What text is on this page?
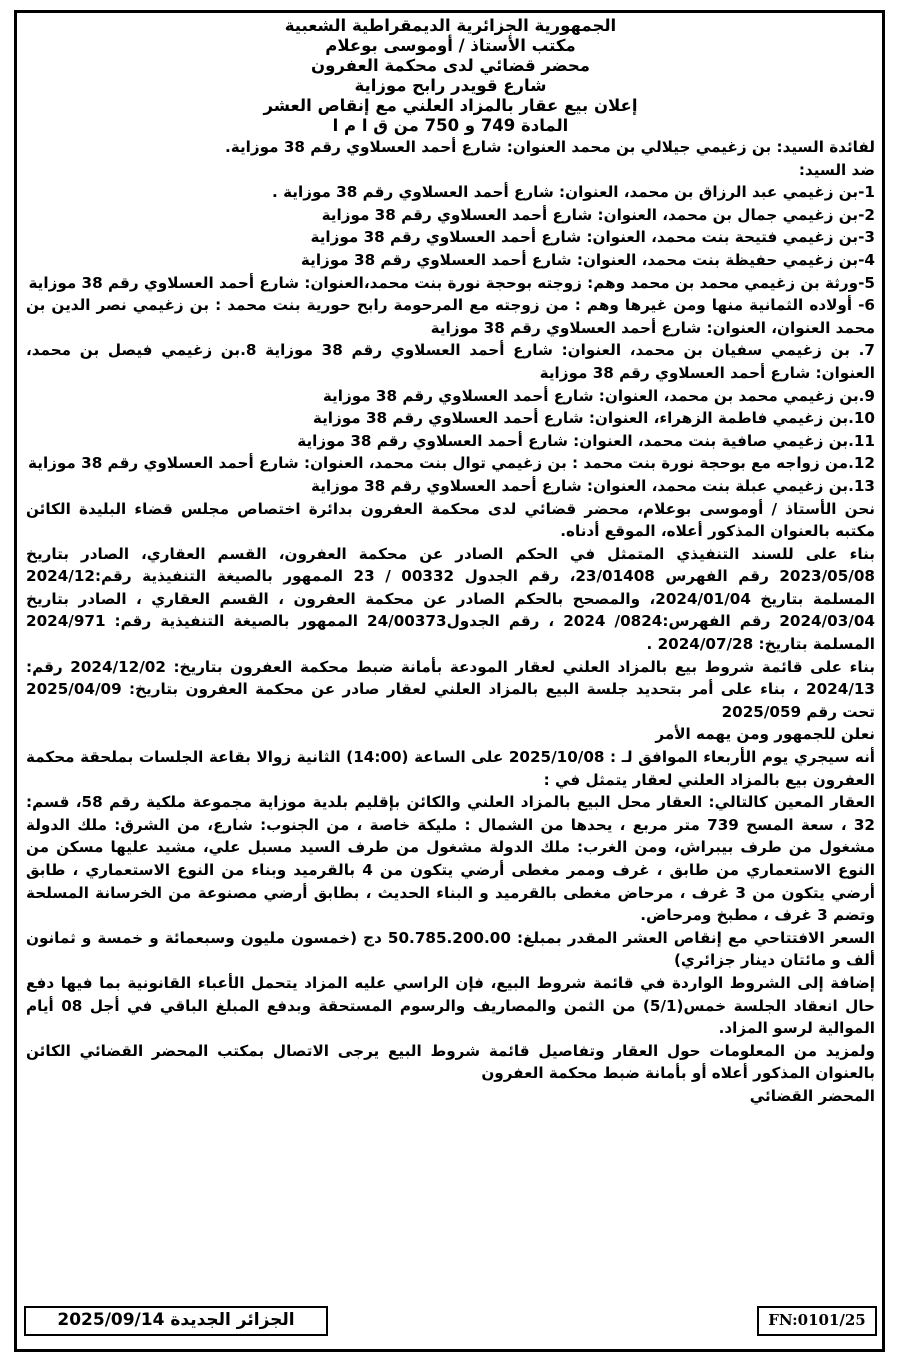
الجمهورية الجزائرية الديمقراطية الشعبية
مكتب الأستاذ / أوموسى بوعلام
محضر قضائي لدى محكمة العفرون
شارع قويدر رابح موزاية
إعلان بيع عقار بالمزاد العلني مع إنقاص العشر
المادة 749 و 750 من ق ا م ا

لفائدة السيد: بن زغيمي جيلالي بن محمد العنوان: شارع أحمد العسلاوي رقم 38 موزاية.

ضد السيد:

1-بن زغيمي عبد الرزاق بن محمد، العنوان: شارع أحمد العسلاوي رقم 38 موزاية .

2-بن زغيمي جمال بن محمد، العنوان: شارع أحمد العسلاوي رقم 38 موزاية

3-بن زغيمي فتيحة بنت محمد، العنوان: شارع أحمد العسلاوي رقم 38 موزاية

4-بن زغيمي حفيظة بنت محمد، العنوان: شارع أحمد العسلاوي رقم 38 موزاية

5-ورثة بن زغيمي محمد بن محمد وهم: زوجته بوحجة نورة بنت محمد،العنوان: شارع أحمد العسلاوي رقم 38 موزاية

6- أولاده الثمانية منها ومن غيرها وهم : من زوجته مع المرحومة رابح حورية بنت محمد : بن زغيمي نصر الدين بن محمد العنوان، العنوان: شارع أحمد العسلاوي رقم 38 موزاية

7. بن زغيمي سفيان بن محمد، العنوان: شارع أحمد العسلاوي رقم 38 موزاية 8.بن زغيمي فيصل بن محمد، العنوان: شارع أحمد العسلاوي رقم 38 موزاية

9.بن زغيمي محمد بن محمد، العنوان: شارع أحمد العسلاوي رقم 38 موزاية

10.بن زغيمي فاطمة الزهراء، العنوان: شارع أحمد العسلاوي رقم 38 موزاية

11.بن زغيمي صافية بنت محمد، العنوان: شارع أحمد العسلاوي رقم 38 موزاية

12.من زواجه مع بوحجة نورة بنت محمد : بن زغيمي توال بنت محمد، العنوان: شارع أحمد العسلاوي رقم 38 موزاية

13.بن زغيمي عبلة بنت محمد، العنوان: شارع أحمد العسلاوي رقم 38 موزاية

نحن الأستاذ / أوموسى بوعلام، محضر قضائي لدى محكمة العفرون بدائرة اختصاص مجلس قضاء البليدة الكائن مكتبه بالعنوان المذكور أعلاه، الموقع أدناه.

بناء على للسند التنفيذي المتمثل في الحكم الصادر عن محكمة العفرون، القسم العقاري، الصادر بتاريخ 2023/05/08 رقم الفهرس 23/01408، رقم الجدول 00332 / 23 الممهور بالصيغة التنفيذية رقم:2024/12 المسلمة بتاريخ 2024/01/04، والمصحح بالحكم الصادر عن محكمة العفرون ، القسم العقاري ، الصادر بتاريخ 2024/03/04 رقم الفهرس:0824/ 2024 ، رقم الجدول24/00373 الممهور بالصيغة التنفيذية رقم: 2024/971 المسلمة بتاريخ: 2024/07/28 .

بناء على قائمة شروط بيع بالمزاد العلني لعقار المودعة بأمانة ضبط محكمة العفرون بتاريخ: 2024/12/02 رقم: 2024/13 ، بناء على أمر بتحديد جلسة البيع بالمزاد العلني لعقار صادر عن محكمة العفرون بتاريخ: 2025/04/09 تحت رقم 2025/059

نعلن للجمهور ومن يهمه الأمر

أنه سيجري يوم الأربعاء الموافق لـ : 2025/10/08 على الساعة (14:00) الثانية زوالا بقاعة الجلسات بملحقة محكمة العفرون بيع بالمزاد العلني لعقار يتمثل في :

العقار المعين كالتالي: العقار محل البيع بالمزاد العلني والكائن بإقليم بلدية موزاية مجموعة ملكية رقم 58، قسم: 32 ، سعة المسح 739 متر مربع ، يحدها من الشمال : مليكة خاصة ، من الجنوب: شارع، من الشرق: ملك الدولة مشغول من طرف بيبراش، ومن الغرب: ملك الدولة مشغول من طرف السيد مسبل علي، مشيد عليها مسكن من النوع الاستعماري من طابق ، غرف وممر مغطى أرضي يتكون من 4 بالقرميد وبناء من النوع الاستعماري ، طابق أرضي يتكون من 3 غرف ، مرحاض مغطى بالقرميد و البناء الحديث ، بطابق أرضي مصنوعة من الخرسانة المسلحة وتضم 3 غرف ، مطبخ ومرحاض.

السعر الافتتاحي مع إنقاص العشر المقدر بمبلغ: 50.785.200.00 دج (خمسون مليون وسبعمائة و خمسة و ثمانون ألف و مائتان دينار جزائري)

إضافة إلى الشروط الواردة في قائمة شروط البيع، فإن الراسي عليه المزاد يتحمل الأعباء القانونية بما فيها دفع حال انعقاد الجلسة خمس(5/1) من الثمن والمصاريف والرسوم المستحقة وبدفع المبلغ الباقي في أجل 08 أيام الموالية لرسو المزاد.

ولمزيد من المعلومات حول العقار وتفاصيل قائمة شروط البيع يرجى الاتصال بمكتب المحضر القضائي الكائن بالعنوان المذكور أعلاه أو بأمانة ضبط محكمة العفرون

المحضر القضائي

الجزائر الجديدة 2025/09/14	FN:0101/25
